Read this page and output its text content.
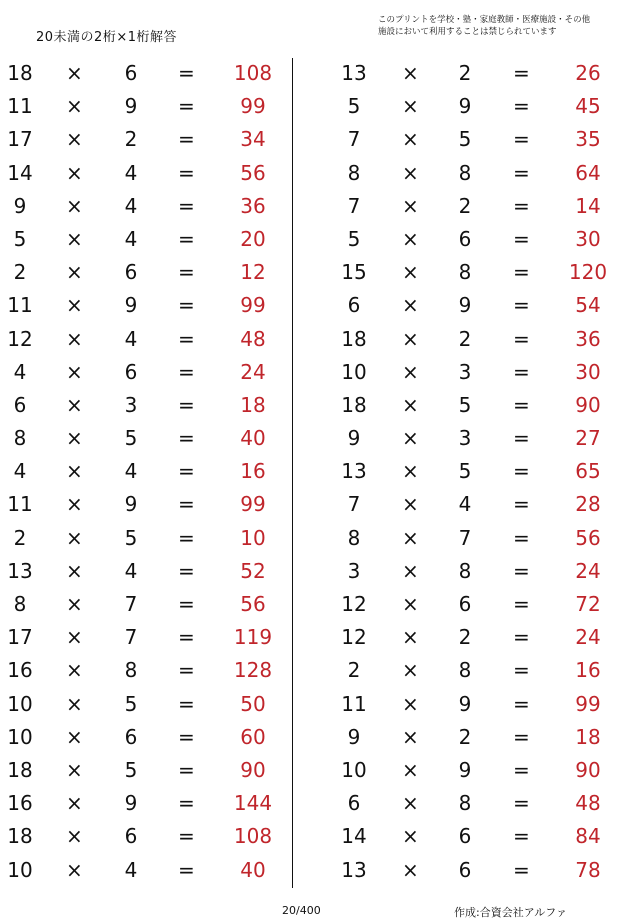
20未満の2桁×1桁解答
このプリントを学校・塾・家庭教師・医療施設・その他
施設において利用することは禁じられています
18 × 6 = 108
11 × 9 = 99
17 × 2 = 34
14 × 4 = 56
9 × 4 = 36
5 × 4 = 20
2 × 6 = 12
11 × 9 = 99
12 × 4 = 48
4 × 6 = 24
6 × 3 = 18
8 × 5 = 40
4 × 4 = 16
11 × 9 = 99
2 × 5 = 10
13 × 4 = 52
8 × 7 = 56
17 × 7 = 119
16 × 8 = 128
10 × 5 = 50
10 × 6 = 60
18 × 5 = 90
16 × 9 = 144
18 × 6 = 108
10 × 4 = 40
13 × 2 = 26
5 × 9 = 45
7 × 5 = 35
8 × 8 = 64
7 × 2 = 14
5 × 6 = 30
15 × 8 = 120
6 × 9 = 54
18 × 2 = 36
10 × 3 = 30
18 × 5 = 90
9 × 3 = 27
13 × 5 = 65
7 × 4 = 28
8 × 7 = 56
3 × 8 = 24
12 × 6 = 72
12 × 2 = 24
2 × 8 = 16
11 × 9 = 99
9 × 2 = 18
10 × 9 = 90
6 × 8 = 48
14 × 6 = 84
13 × 6 = 78
20/400	作成:合資会社アルファ
